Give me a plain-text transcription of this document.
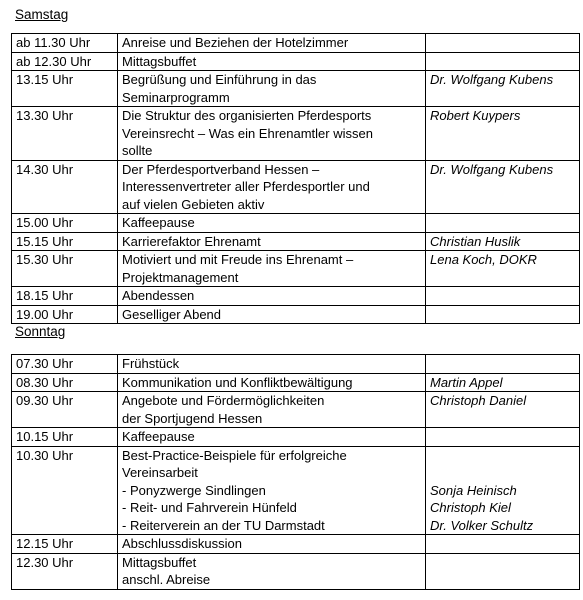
Samstag
ab 11.30 Uhr	Anreise und Beziehen der Hotelzimmer	

ab 12.30 Uhr	Mittagsbuffet	

13.15 Uhr	Begrüßung und Einführung in das
Seminarprogramm	Dr. Wolfgang Kubens

13.30 Uhr	Die Struktur des organisierten Pferdesports
Vereinsrecht – Was ein Ehrenamtler wissen
sollte	Robert Kuypers

14.30 Uhr	Der Pferdesportverband Hessen –
Interessenvertreter aller Pferdesportler und
auf vielen Gebieten aktiv	Dr. Wolfgang Kubens

15.00 Uhr	Kaffeepause	

15.15 Uhr	Karrierefaktor Ehrenamt	Christian Huslik

15.30 Uhr	Motiviert und mit Freude ins Ehrenamt –
Projektmanagement	Lena Koch, DOKR

18.15 Uhr	Abendessen	

19.00 Uhr	Geselliger Abend	

Sonntag
07.30 Uhr	Frühstück	

08.30 Uhr	Kommunikation und Konfliktbewältigung	Martin Appel

09.30 Uhr	Angebote und Fördermöglichkeiten
der Sportjugend Hessen	Christoph Daniel

10.15 Uhr	Kaffeepause	

10.30 Uhr	Best-Practice-Beispiele für erfolgreiche
Vereinsarbeit
- Ponyzwerge Sindlingen
- Reit- und Fahrverein Hünfeld
- Reiterverein an der TU Darmstadt	Sonja Heinisch
Christoph Kiel
Dr. Volker Schultz

12.15 Uhr	Abschlussdiskussion	

12.30 Uhr	Mittagsbuffet
anschl. Abreise	
